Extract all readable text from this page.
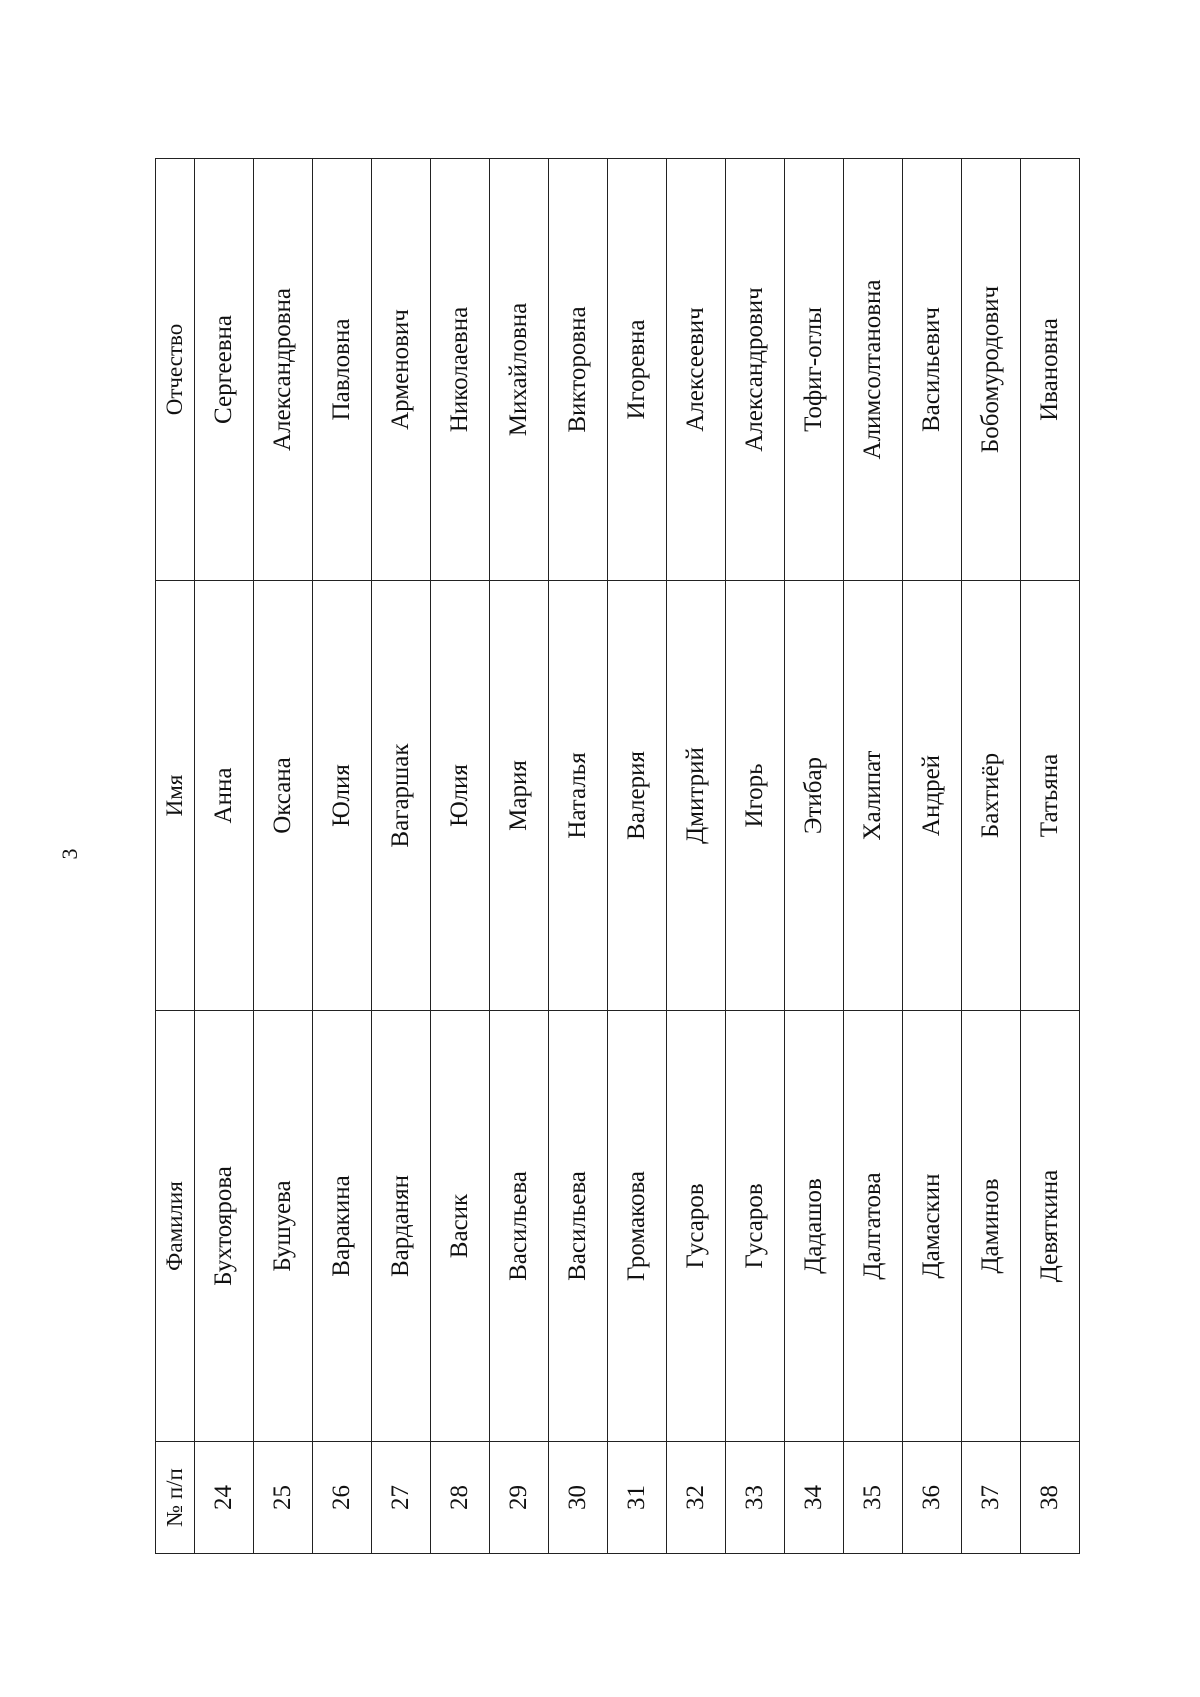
3
№ п/п	Фамилия	Имя	Отчество
24	Бухтоярова	Анна	Сергеевна
25	Бушуева	Оксана	Александровна
26	Варакина	Юлия	Павловна
27	Варданян	Вагаршак	Арменович
28	Васик	Юлия	Николаевна
29	Васильева	Мария	Михайловна
30	Васильева	Наталья	Викторовна
31	Громакова	Валерия	Игоревна
32	Гусаров	Дмитрий	Алексеевич
33	Гусаров	Игорь	Александрович
34	Дадашов	Этибар	Тофиг-оглы
35	Далгатова	Халипат	Алимсолтановна
36	Дамаскин	Андрей	Васильевич
37	Даминов	Бахтиёр	Бобомуродович
38	Девяткина	Татьяна	Ивановна
